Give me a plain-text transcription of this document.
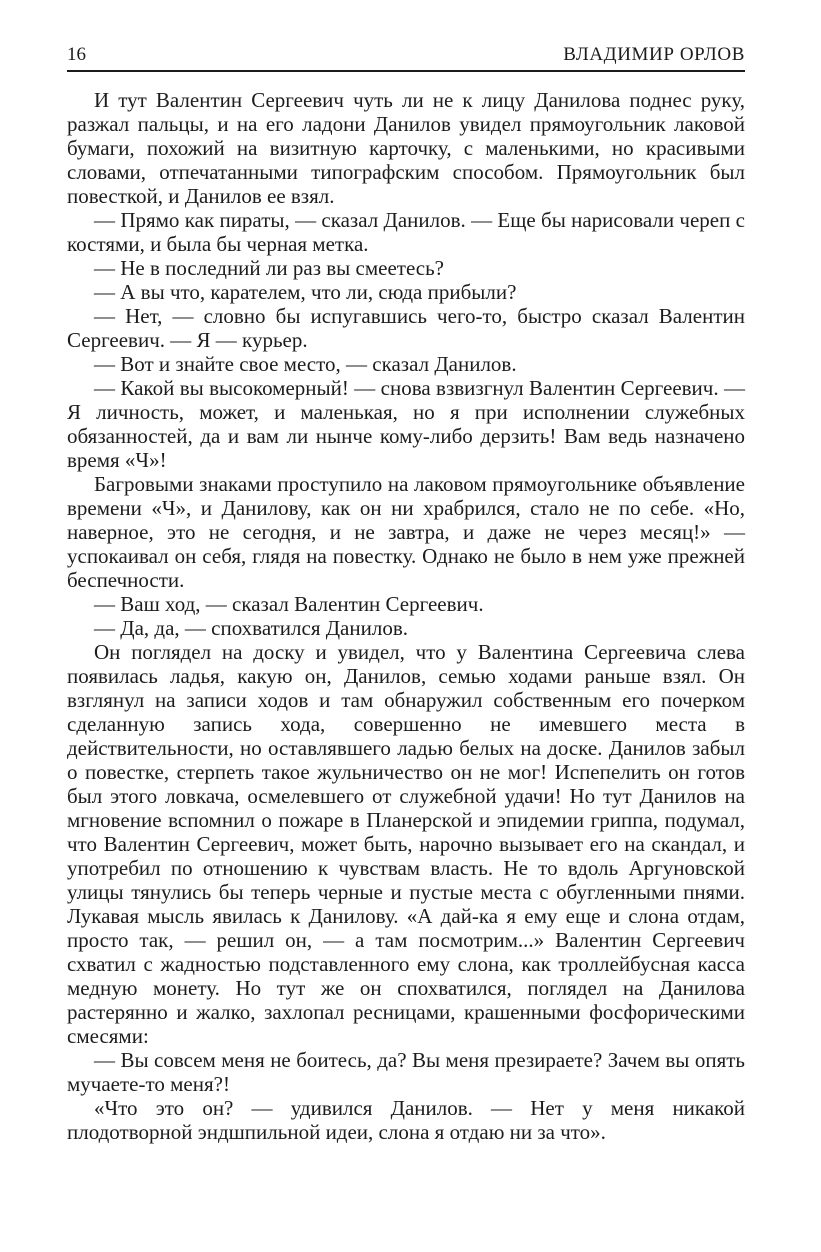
16	ВЛАДИМИР ОРЛОВ

И тут Валентин Сергеевич чуть ли не к лицу Данилова поднес руку, разжал пальцы, и на его ладони Данилов увидел прямоугольник лаковой бумаги, похожий на визитную карточку, с маленькими, но красивыми словами, отпечатанными типографским способом. Прямоугольник был повесткой, и Данилов ее взял.

— Прямо как пираты, — сказал Данилов. — Еще бы нарисовали череп с костями, и была бы черная метка.

— Не в последний ли раз вы смеетесь?

— А вы что, карателем, что ли, сюда прибыли?

— Нет, — словно бы испугавшись чего-то, быстро сказал Валентин Сергеевич. — Я — курьер.

— Вот и знайте свое место, — сказал Данилов.

— Какой вы высокомерный! — снова взвизгнул Валентин Сергеевич. — Я личность, может, и маленькая, но я при исполнении служебных обязанностей, да и вам ли нынче кому-либо дерзить! Вам ведь назначено время «Ч»!

Багровыми знаками проступило на лаковом прямоугольнике объявление времени «Ч», и Данилову, как он ни храбрился, стало не по себе. «Но, наверное, это не сегодня, и не завтра, и даже не через месяц!» — успокаивал он себя, глядя на повестку. Однако не было в нем уже прежней беспечности.

— Ваш ход, — сказал Валентин Сергеевич.

— Да, да, — спохватился Данилов.

Он поглядел на доску и увидел, что у Валентина Сергеевича слева появилась ладья, какую он, Данилов, семью ходами раньше взял. Он взглянул на записи ходов и там обнаружил собственным его почерком сделанную запись хода, совершенно не имевшего места в действительности, но оставлявшего ладью белых на доске. Данилов забыл о повестке, стерпеть такое жульничество он не мог! Испепелить он готов был этого ловкача, осмелевшего от служебной удачи! Но тут Данилов на мгновение вспомнил о пожаре в Планерской и эпидемии гриппа, подумал, что Валентин Сергеевич, может быть, нарочно вызывает его на скандал, и употребил по отношению к чувствам власть. Не то вдоль Аргуновской улицы тянулись бы теперь черные и пустые места с обугленными пнями. Лукавая мысль явилась к Данилову. «А дай-ка я ему еще и слона отдам, просто так, — решил он, — а там посмотрим...» Валентин Сергеевич схватил с жадностью подставленного ему слона, как троллейбусная касса медную монету. Но тут же он спохватился, поглядел на Данилова растерянно и жалко, захлопал ресницами, крашенными фосфорическими смесями:

— Вы совсем меня не боитесь, да? Вы меня презираете? Зачем вы опять мучаете-то меня?!

«Что это он? — удивился Данилов. — Нет у меня никакой плодотворной эндшпильной идеи, слона я отдаю ни за что».
